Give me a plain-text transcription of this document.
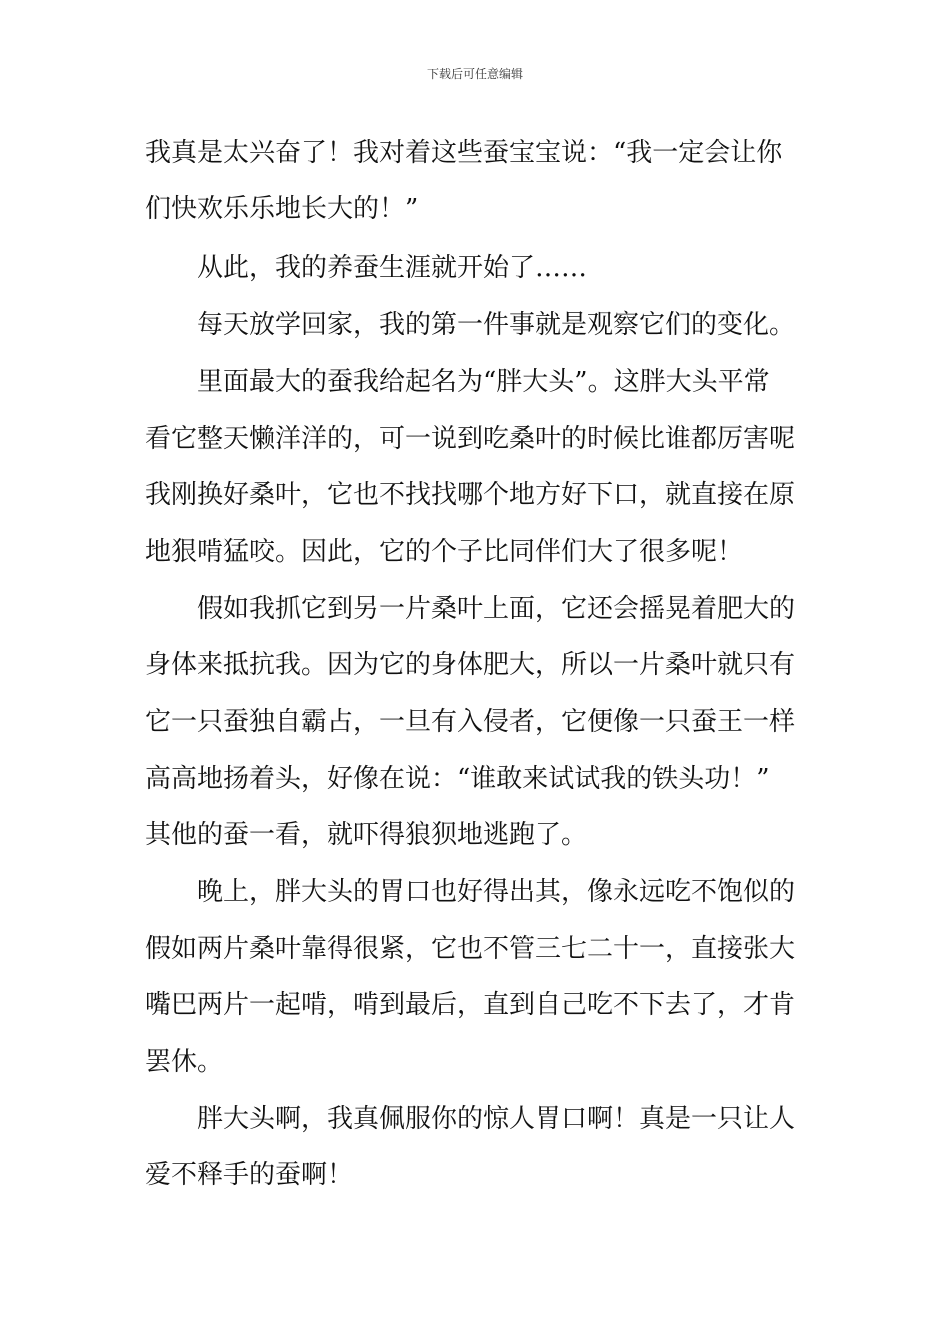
下载后可任意编辑
我真是太兴奋了！我对着这些蚕宝宝说：“我一定会让你
们快欢乐乐地长大的！”
从此，我的养蚕生涯就开始了……
每天放学回家，我的第一件事就是观察它们的变化。
里面最大的蚕我给起名为“胖大头”。这胖大头平常
看它整天懒洋洋的，可一说到吃桑叶的时候比谁都厉害呢
我刚换好桑叶，它也不找找哪个地方好下口，就直接在原
地狠啃猛咬。因此，它的个子比同伴们大了很多呢！
假如我抓它到另一片桑叶上面，它还会摇晃着肥大的
身体来抵抗我。因为它的身体肥大，所以一片桑叶就只有
它一只蚕独自霸占，一旦有入侵者，它便像一只蚕王一样
高高地扬着头，好像在说：“谁敢来试试我的铁头功！”
其他的蚕一看，就吓得狼狈地逃跑了。
晚上，胖大头的胃口也好得出其，像永远吃不饱似的
假如两片桑叶靠得很紧，它也不管三七二十一，直接张大
嘴巴两片一起啃，啃到最后，直到自己吃不下去了，才肯
罢休。
胖大头啊，我真佩服你的惊人胃口啊！真是一只让人
爱不释手的蚕啊！
